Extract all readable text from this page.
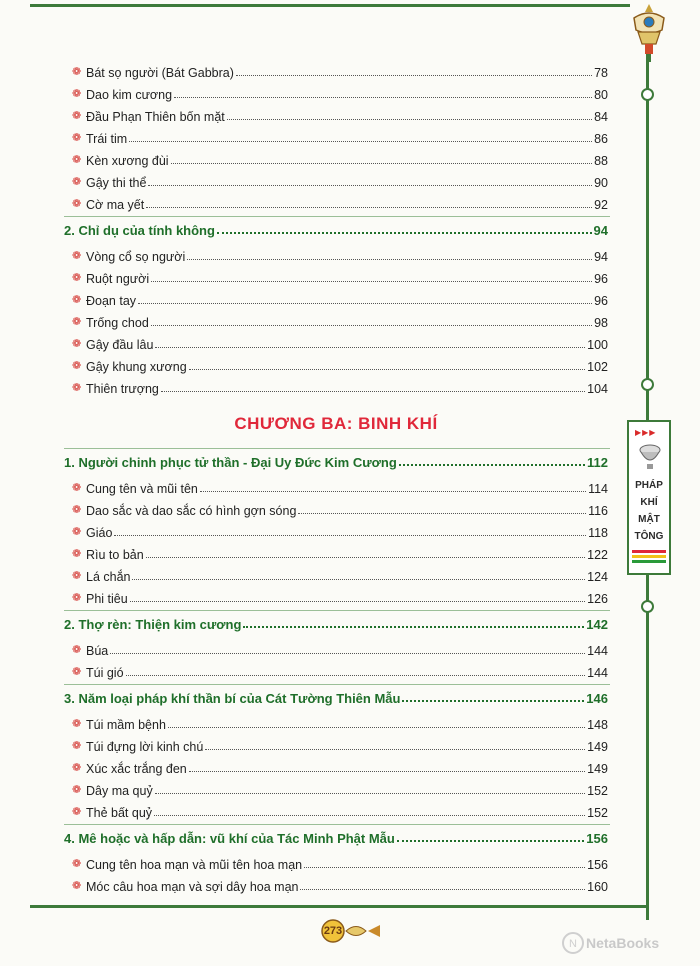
▶▶▶
PHÁP
KHÍ
MẬT
TÔNG
❁ Bát sọ người (Bát Gabbra)	78
❁ Dao kim cương	80
❁ Đầu Phạn Thiên bốn mặt	84
❁ Trái tim	86
❁ Kèn xương đùi	88
❁ Gậy thi thể	90
❁ Cờ ma yết	92
2. Chỉ dụ của tính không	94
❁ Vòng cổ sọ người	94
❁ Ruột người	96
❁ Đoạn tay	96
❁ Trống chod	98
❁ Gậy đầu lâu	100
❁ Gậy khung xương	102
❁ Thiên trượng	104
CHƯƠNG BA: BINH KHÍ
1. Người chinh phục tử thần - Đại Uy Đức Kim Cương	112
❁ Cung tên và mũi tên	114
❁ Dao sắc và dao sắc có hình gợn sóng	116
❁ Giáo	118
❁ Rìu to bản	122
❁ Lá chắn	124
❁ Phi tiêu	126
2. Thợ rèn: Thiện kim cương	142
❁ Búa	144
❁ Túi gió	144
3. Năm loại pháp khí thần bí của Cát Tường Thiên Mẫu	146
❁ Túi mầm bệnh	148
❁ Túi đựng lời kinh chú	149
❁ Xúc xắc trắng đen	149
❁ Dây ma quỷ	152
❁ Thẻ bất quỷ	152
4. Mê hoặc và hấp dẫn: vũ khí của Tác Minh Phật Mẫu	156
❁ Cung tên hoa mạn và mũi tên hoa mạn	156
❁ Móc câu hoa mạn và sợi dây hoa mạn	160
273
N NetaBooks
